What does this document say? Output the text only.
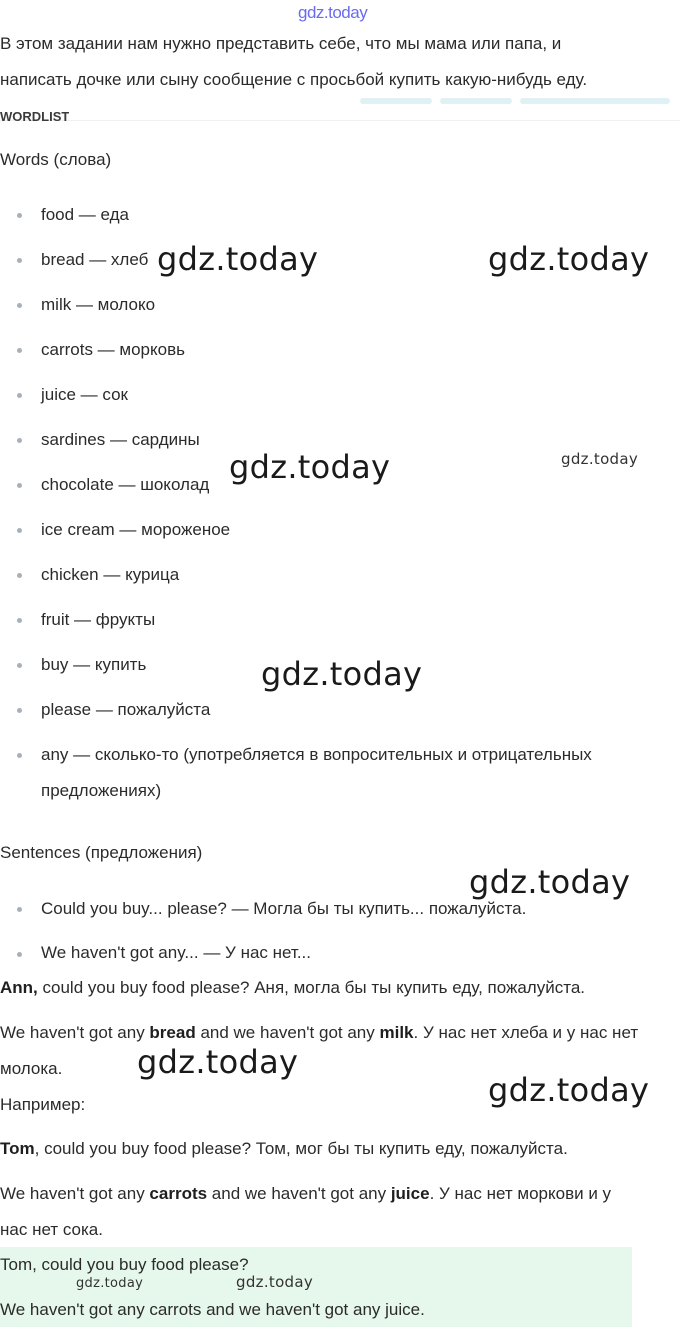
gdz.today
В этом задании нам нужно представить себе, что мы мама или папа, и
написать дочке или сыну сообщение с просьбой купить какую-нибудь еду.
WORDLIST
Words (слова)
food — еда
bread — хлеб
milk — молоко
carrots — морковь
juice — сок
sardines — сардины
chocolate — шоколад
ice cream — мороженое
chicken — курица
fruit — фрукты
buy — купить
please — пожалуйста
any — сколько-то (употребляется в вопросительных и отрицательных
предложениях)
Sentences (предложения)
Could you buy... please? — Могла бы ты купить... пожалуйста.
We haven't got any... — У нас нет...
Ann, could you buy food please? Аня, могла бы ты купить еду, пожалуйста.
We haven't got any bread and we haven't got any milk. У нас нет хлеба и у нас нет
молока.
Например:
Tom, could you buy food please? Том, мог бы ты купить еду, пожалуйста.
We haven't got any carrots and we haven't got any juice. У нас нет моркови и у
нас нет сока.
Tom, could you buy food please?
We haven't got any carrots and we haven't got any juice.
gdz.today	gdz.today
gdz.today	gdz.today
gdz.today
gdz.today
gdz.today
gdz.today
gdz.today	gdz.today
